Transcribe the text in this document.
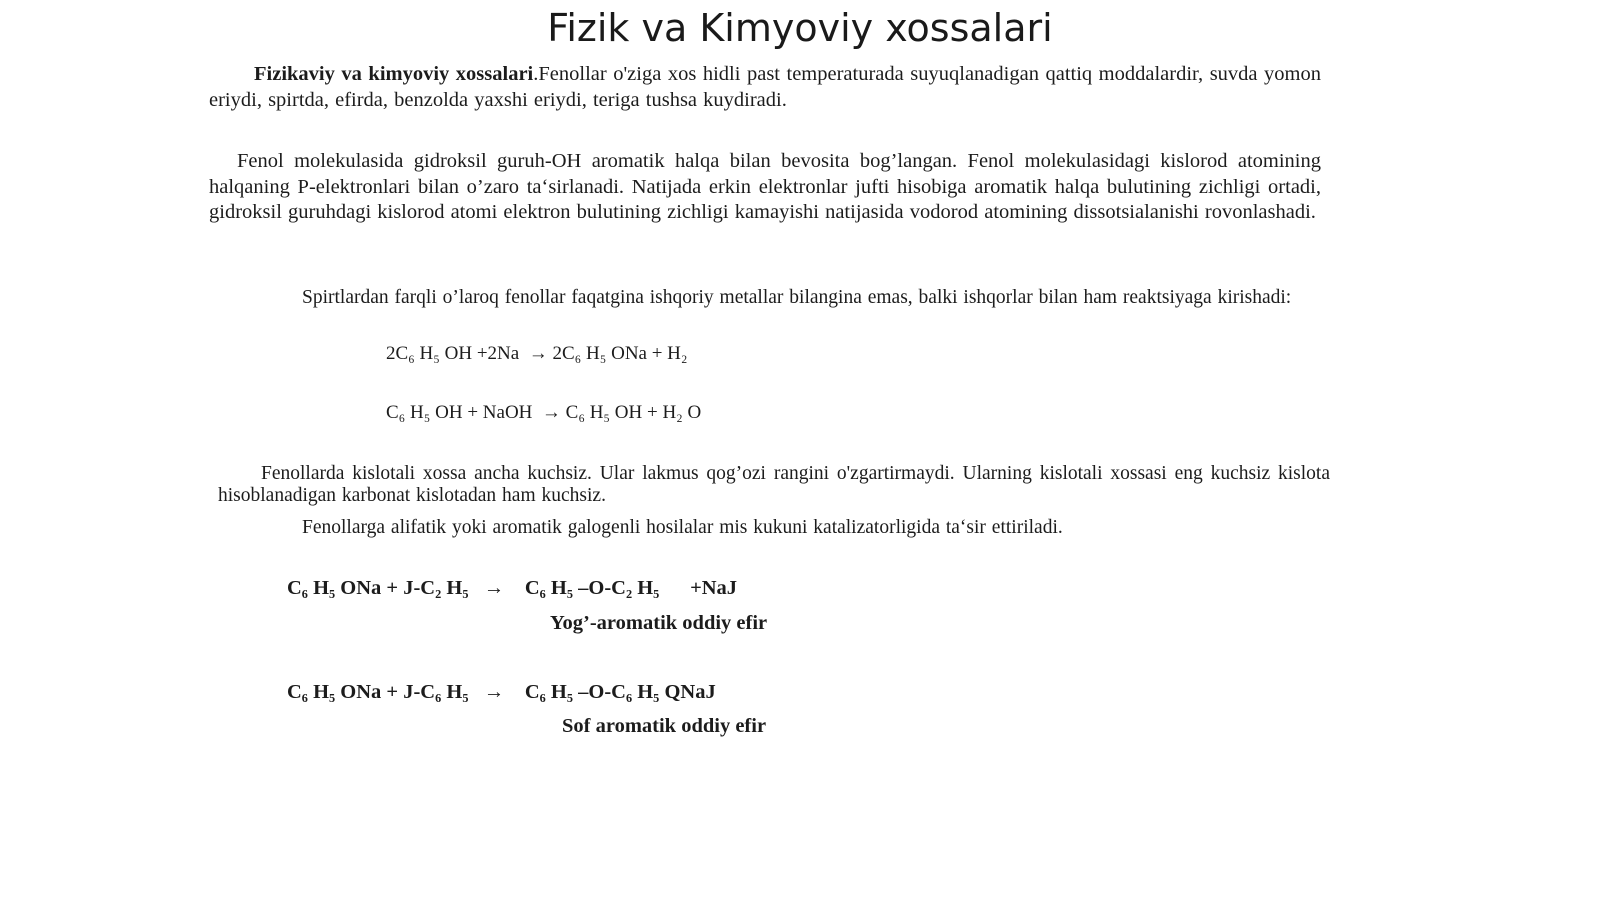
Fizik va Kimyoviy xossalari

Fizikaviy va kimyoviy xossalari.Fenollar o'ziga xos hidli past temperaturada suyuqlanadigan qattiq moddalardir, suvda yomon eriydi, spirtda, efirda, benzolda yaxshi eriydi, teriga tushsa kuydiradi.

Fenol molekulasida gidroksil guruh-OH aromatik halqa bilan bevosita bog’langan. Fenol molekulasidagi kislorod atomining halqaning P-elektronlari bilan o’zaro ta‘sirlanadi. Natijada erkin elektronlar jufti hisobiga aromatik halqa bulutining zichligi ortadi, gidroksil guruhdagi kislorod atomi elektron bulutining zichligi kamayishi natijasida vodorod atomining dissotsialanishi rovonlashadi.

Spirtlardan farqli o’laroq fenollar faqatgina ishqoriy metallar bilangina emas, balki ishqorlar bilan ham reaktsiyaga kirishadi:

2C₆ H₅ OH +2Na  → 2C₆ H₅ ONa + H₂
C₆ H₅ OH + NaOH  → C₆ H₅ OH + H₂ O

Fenollarda kislotali xossa ancha kuchsiz. Ular lakmus qog’ozi rangini o'zgartirmaydi. Ularning kislotali xossasi eng kuchsiz kislota hisoblanadigan karbonat kislotadan ham kuchsiz.

Fenollarga alifatik yoki aromatik galogenli hosilalar mis kukuni katalizatorligida ta‘sir ettiriladi.

C₆ H₅ ONa + J-C₂ H₅   →    C₆ H₅ –O-C₂ H₅      +NaJ
Yog’-aromatik oddiy efir
C₆ H₅ ONa + J-C₆ H₅   →    C₆ H₅ –O-C₆ H₅ QNaJ
Sof aromatik oddiy efir
